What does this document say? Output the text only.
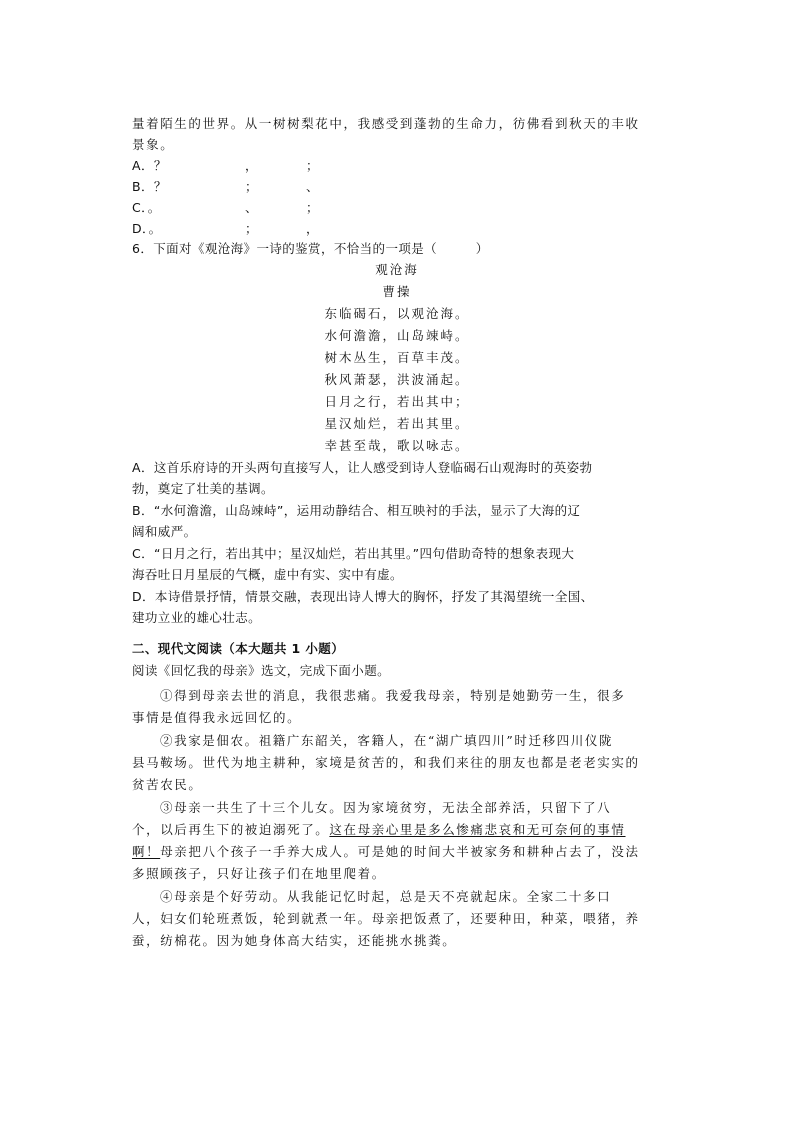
量着陌生的世界。从一树树梨花中，我感受到蓬勃的生命力，彷佛看到秋天的丰收
景象。
A．？	，	；
B．？	；	、
C．。	、	；
D．。	；	，
6．下面对《观沧海》一诗的鉴赏，不恰当的一项是（　　　）
观沧海
曹操
东临碣石，以观沧海。
水何澹澹，山岛竦峙。
树木丛生，百草丰茂。
秋风萧瑟，洪波涌起。
日月之行，若出其中；
星汉灿烂，若出其里。
幸甚至哉，歌以咏志。
A．这首乐府诗的开头两句直接写人，让人感受到诗人登临碣石山观海时的英姿勃
勃，奠定了壮美的基调。
B．“水何澹澹，山岛竦峙”，运用动静结合、相互映衬的手法，显示了大海的辽
阔和威严。
C．“日月之行，若出其中；星汉灿烂，若出其里。”四句借助奇特的想象表现大
海吞吐日月星辰的气概，虚中有实、实中有虚。
D．本诗借景抒情，情景交融，表现出诗人博大的胸怀，抒发了其渴望统一全国、
建功立业的雄心壮志。
二、现代文阅读（本大题共 1 小题）
阅读《回忆我的母亲》选文，完成下面小题。
①得到母亲去世的消息，我很悲痛。我爱我母亲，特别是她勤劳一生，很多
事情是值得我永远回忆的。
②我家是佃农。祖籍广东韶关，客籍人，在“湖广填四川”时迁移四川仪陇
县马鞍场。世代为地主耕种，家境是贫苦的，和我们来往的朋友也都是老老实实的
贫苦农民。
③母亲一共生了十三个儿女。因为家境贫穷，无法全部养活，只留下了八
个，以后再生下的被迫溺死了。这在母亲心里是多么惨痛悲哀和无可奈何的事情
啊！母亲把八个孩子一手养大成人。可是她的时间大半被家务和耕种占去了，没法
多照顾孩子，只好让孩子们在地里爬着。
④母亲是个好劳动。从我能记忆时起，总是天不亮就起床。全家二十多口
人，妇女们轮班煮饭，轮到就煮一年。母亲把饭煮了，还要种田，种菜，喂猪，养
蚕，纺棉花。因为她身体高大结实，还能挑水挑粪。
